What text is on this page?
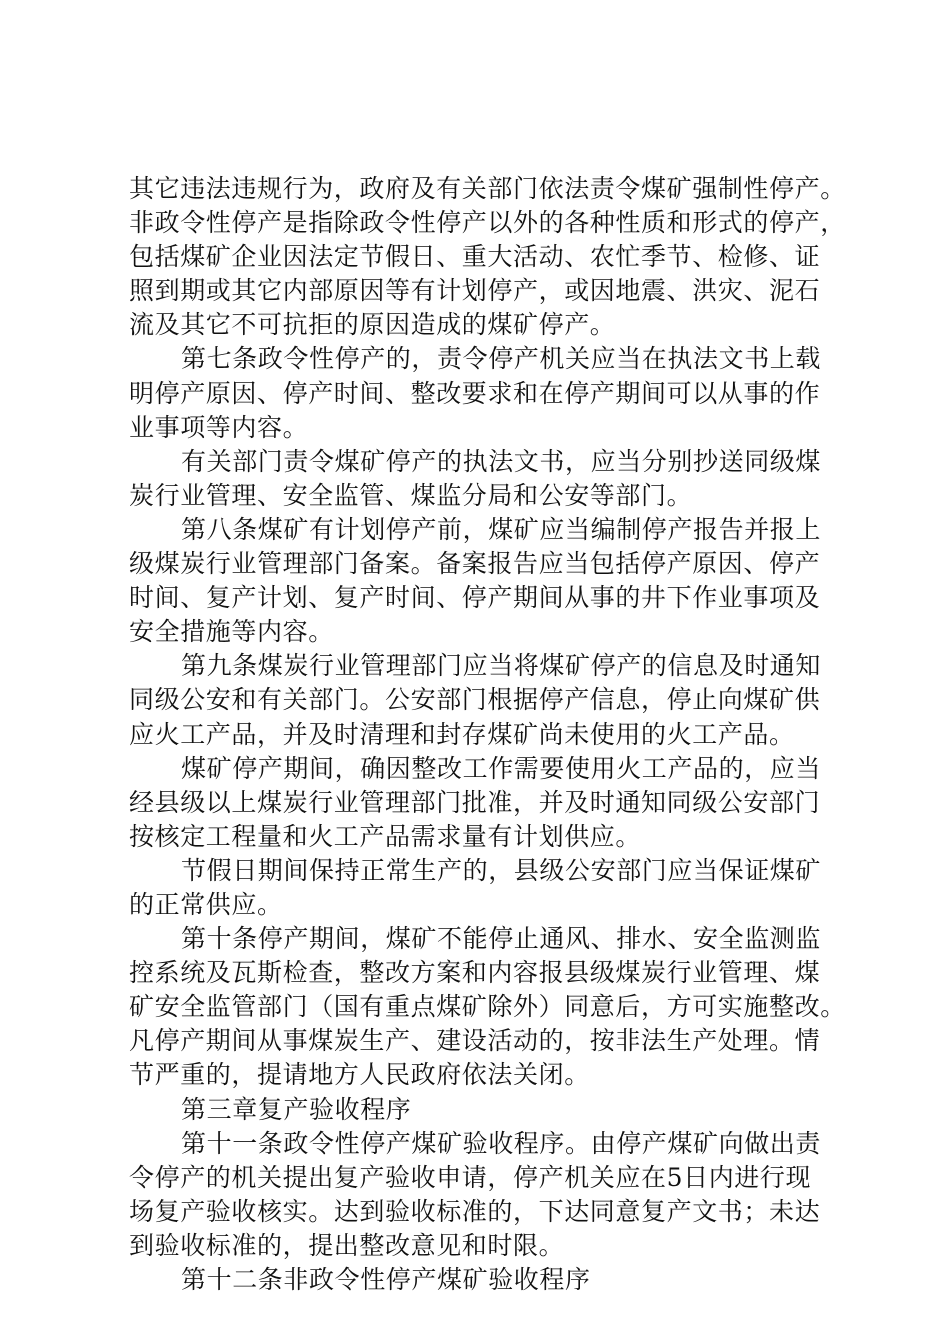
其它违法违规行为，政府及有关部门依法责令煤矿强制性停产。
非政令性停产是指除政令性停产以外的各种性质和形式的停产，
包括煤矿企业因法定节假日、重大活动、农忙季节、检修、证
照到期或其它内部原因等有计划停产，或因地震、洪灾、泥石
流及其它不可抗拒的原因造成的煤矿停产。
第七条政令性停产的，责令停产机关应当在执法文书上载
明停产原因、停产时间、整改要求和在停产期间可以从事的作
业事项等内容。
有关部门责令煤矿停产的执法文书，应当分别抄送同级煤
炭行业管理、安全监管、煤监分局和公安等部门。
第八条煤矿有计划停产前，煤矿应当编制停产报告并报上
级煤炭行业管理部门备案。备案报告应当包括停产原因、停产
时间、复产计划、复产时间、停产期间从事的井下作业事项及
安全措施等内容。
第九条煤炭行业管理部门应当将煤矿停产的信息及时通知
同级公安和有关部门。公安部门根据停产信息，停止向煤矿供
应火工产品，并及时清理和封存煤矿尚未使用的火工产品。
煤矿停产期间，确因整改工作需要使用火工产品的，应当
经县级以上煤炭行业管理部门批准，并及时通知同级公安部门
按核定工程量和火工产品需求量有计划供应。
节假日期间保持正常生产的，县级公安部门应当保证煤矿
的正常供应。
第十条停产期间，煤矿不能停止通风、排水、安全监测监
控系统及瓦斯检查，整改方案和内容报县级煤炭行业管理、煤
矿安全监管部门（国有重点煤矿除外）同意后，方可实施整改。
凡停产期间从事煤炭生产、建设活动的，按非法生产处理。情
节严重的，提请地方人民政府依法关闭。
第三章复产验收程序
第十一条政令性停产煤矿验收程序。由停产煤矿向做出责
令停产的机关提出复产验收申请，停产机关应在5日内进行现
场复产验收核实。达到验收标准的，下达同意复产文书；未达
到验收标准的，提出整改意见和时限。
第十二条非政令性停产煤矿验收程序
